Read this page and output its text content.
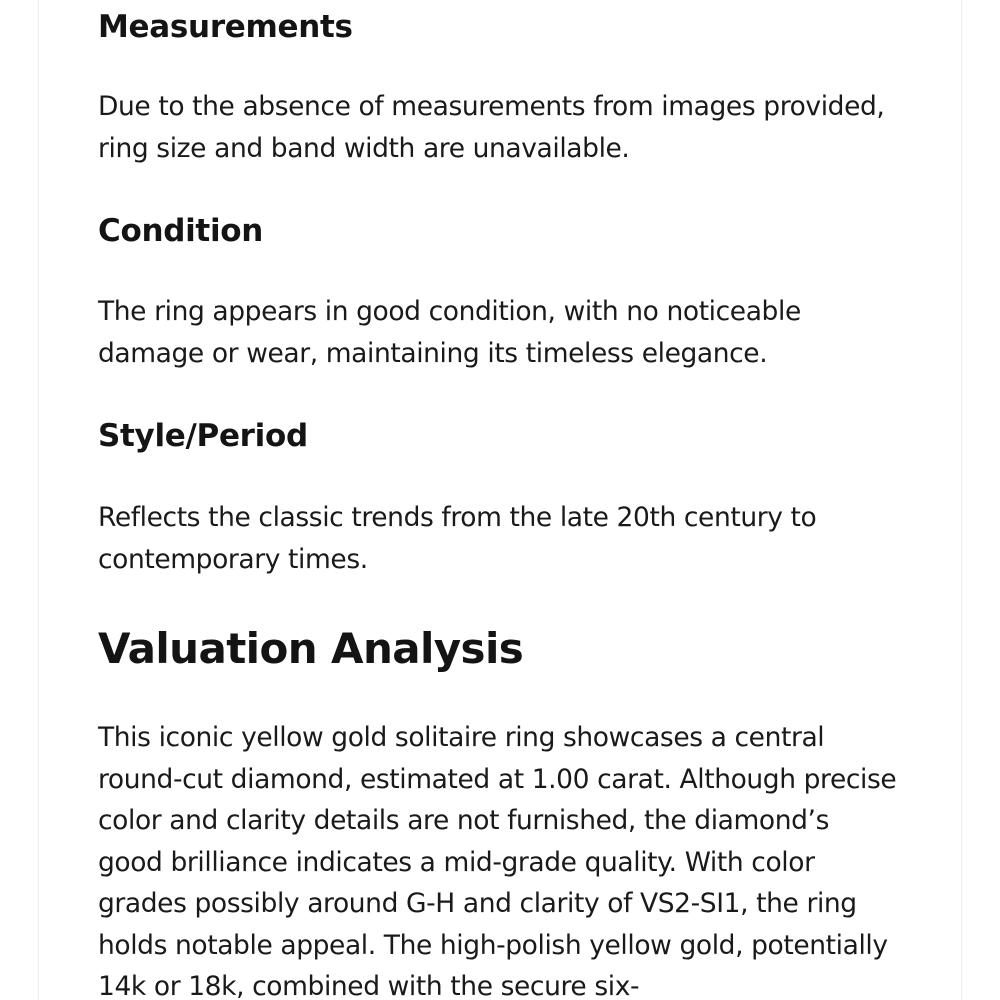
Measurements

Due to the absence of measurements from images provided, ring size and band width are unavailable.

Condition

The ring appears in good condition, with no noticeable damage or wear, maintaining its timeless elegance.

Style/Period

Reflects the classic trends from the late 20th century to contemporary times.

Valuation Analysis

This iconic yellow gold solitaire ring showcases a central round-cut diamond, estimated at 1.00 carat. Although precise color and clarity details are not furnished, the diamond’s good brilliance indicates a mid-grade quality. With color grades possibly around G-H and clarity of VS2-SI1, the ring holds notable appeal. The high-polish yellow gold, potentially 14k or 18k, combined with the secure six-
